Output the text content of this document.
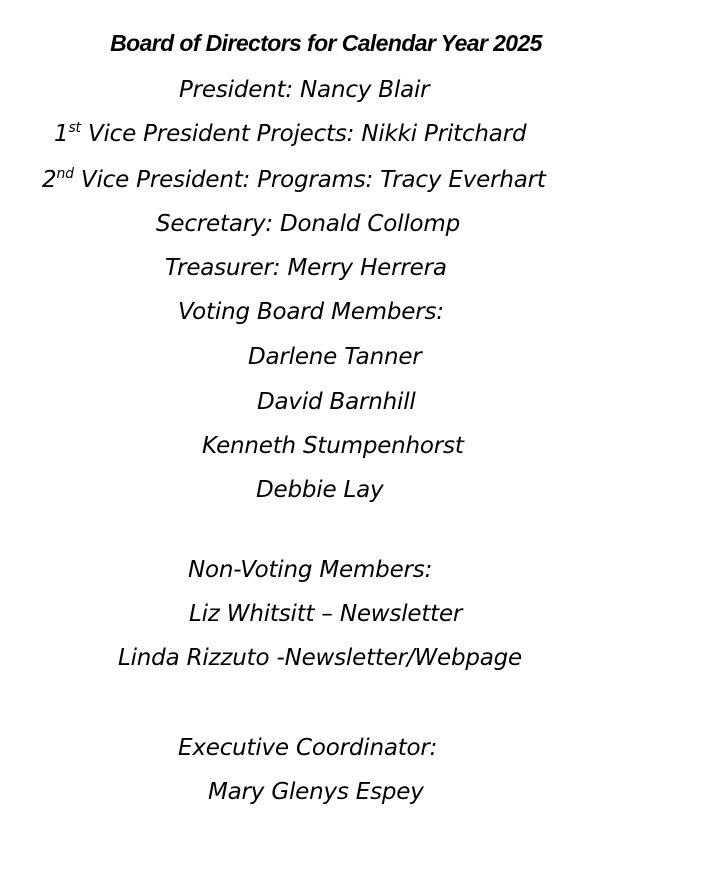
Board of Directors for Calendar Year 2025
President: Nancy Blair
1st Vice President Projects: Nikki Pritchard
2nd Vice President: Programs: Tracy Everhart
Secretary: Donald Collomp
Treasurer: Merry Herrera
Voting Board Members:
Darlene Tanner
David Barnhill
Kenneth Stumpenhorst
Debbie Lay
Non-Voting Members:
Liz Whitsitt – Newsletter
Linda Rizzuto -Newsletter/Webpage
Executive Coordinator:
Mary Glenys Espey
